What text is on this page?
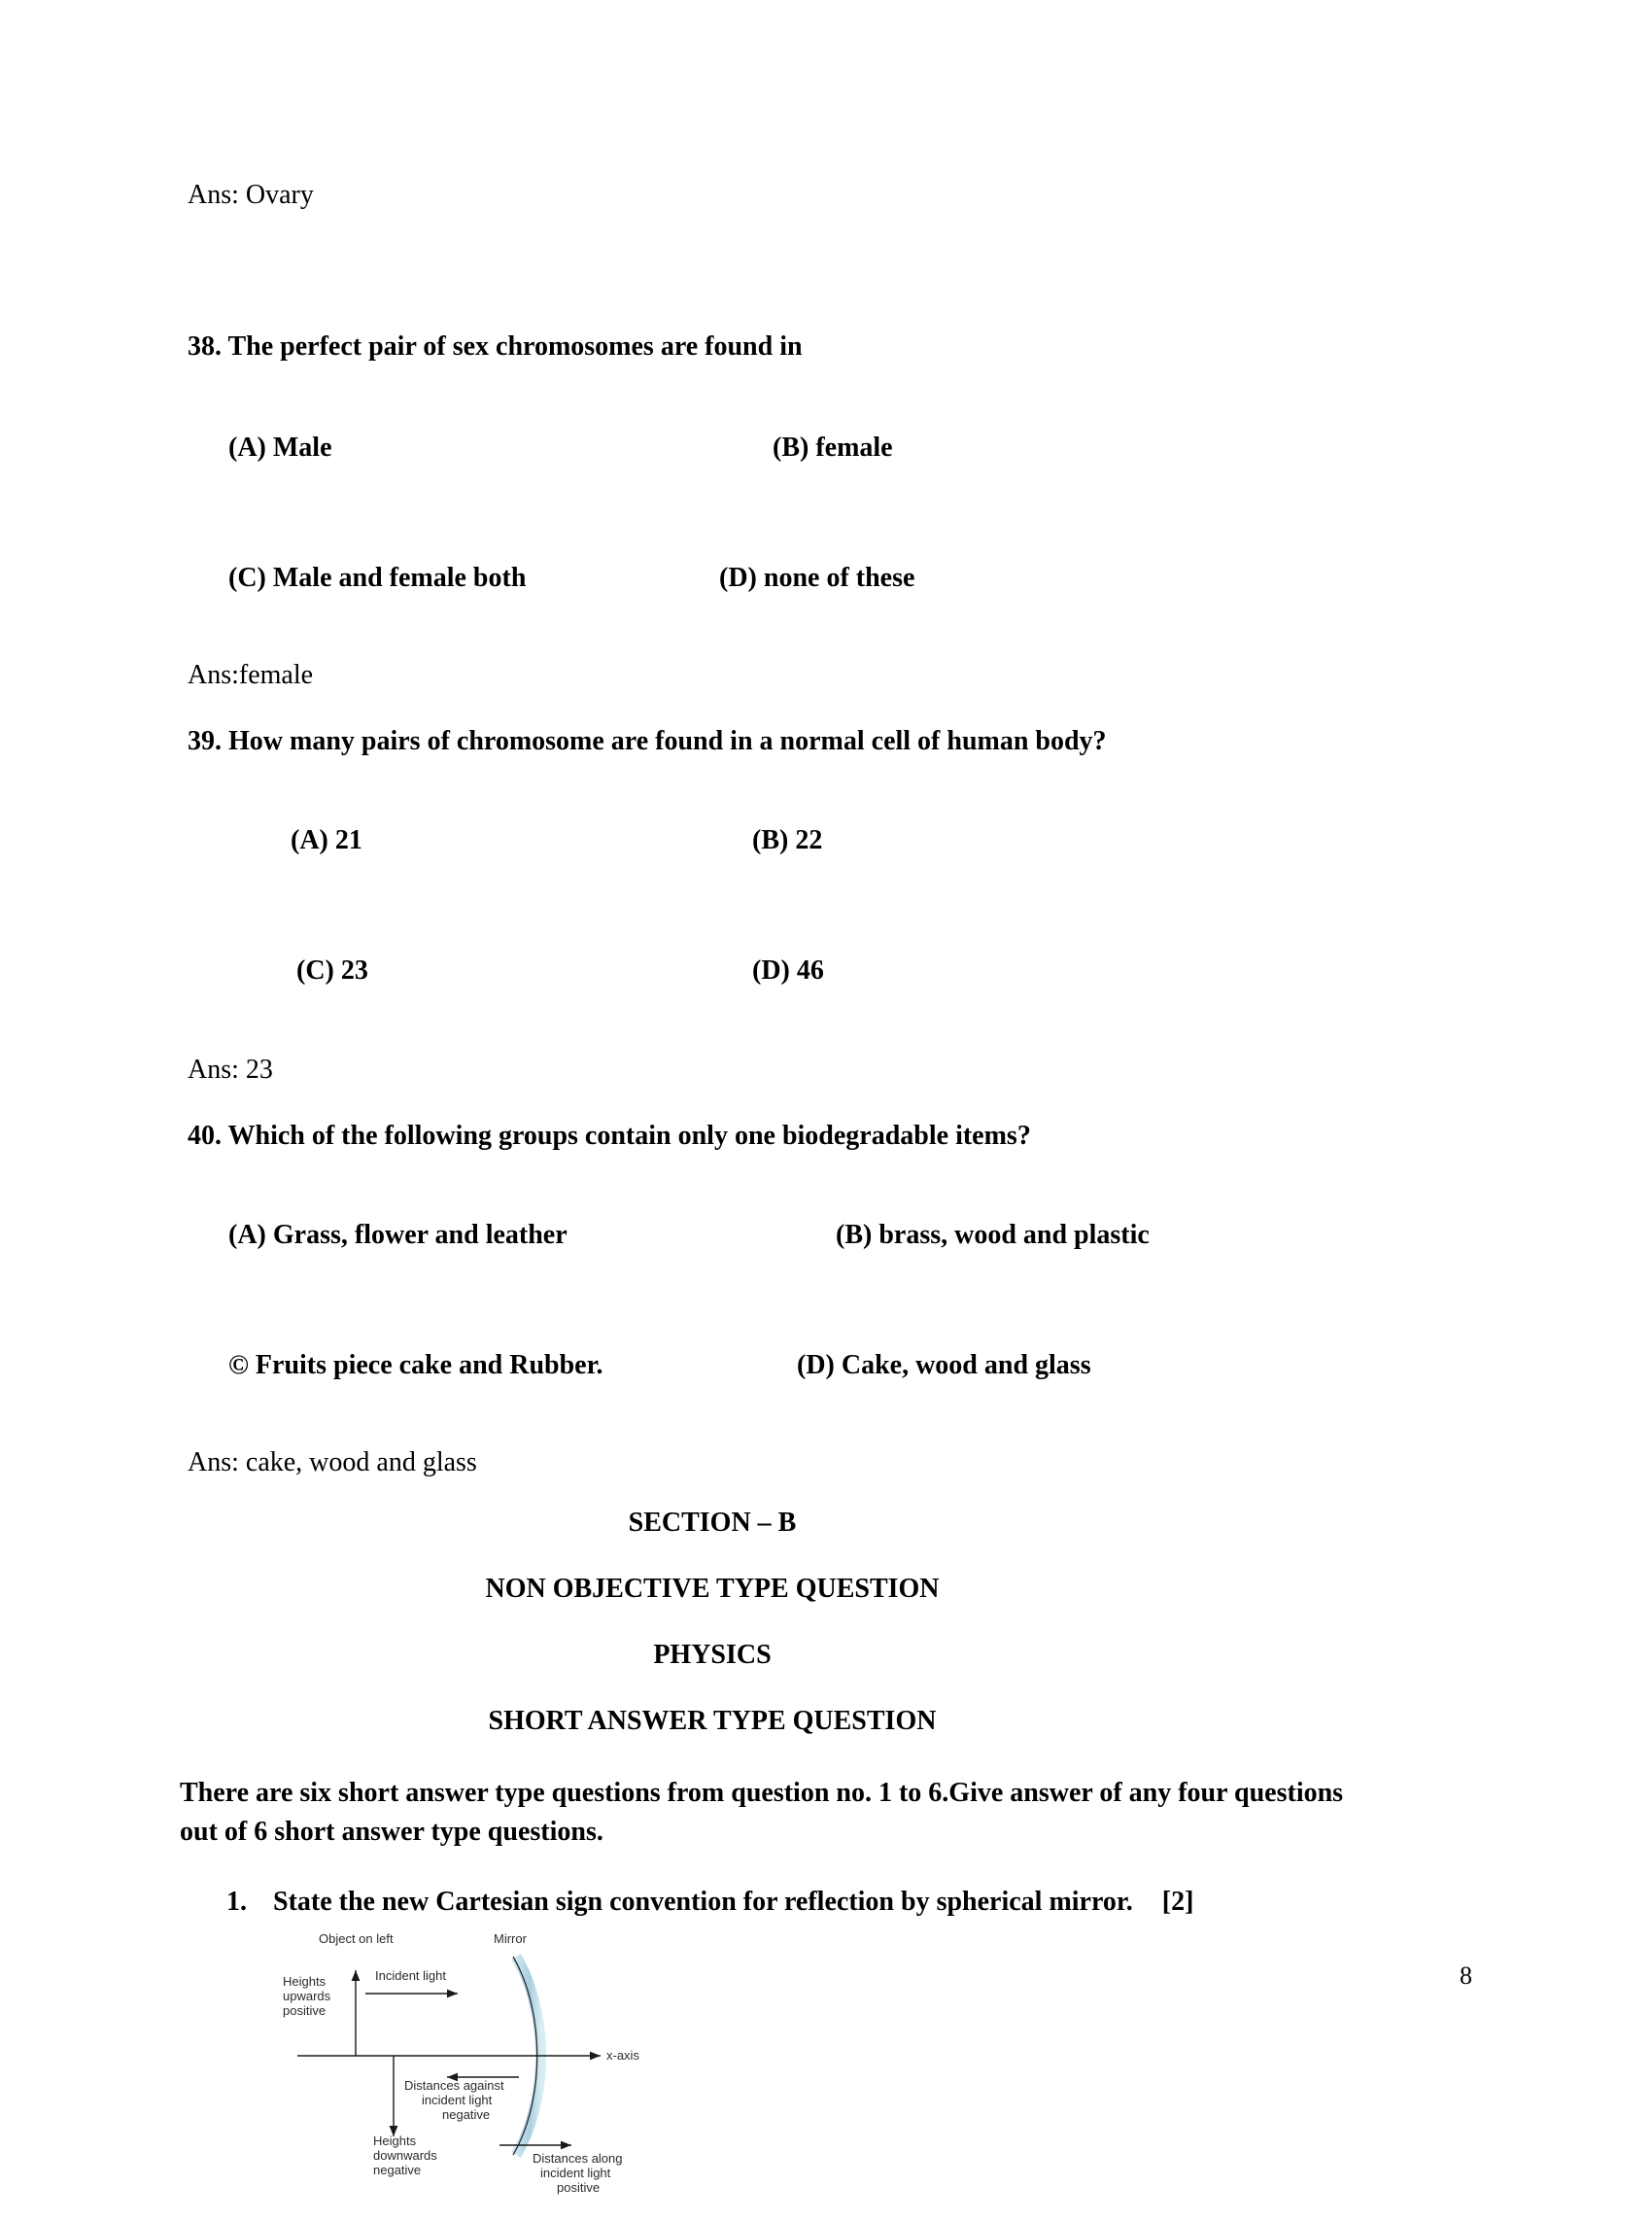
Ans: Ovary
38. The perfect pair of sex chromosomes are found in

(A) Male	(B) female

(C) Male and female both	(D) none of these

Ans:female
39. How many pairs of chromosome are found in a normal cell of human body?

(A) 21	(B) 22

(C) 23	(D) 46

Ans: 23
40. Which of the following groups contain only one biodegradable items?

(A) Grass, flower and leather	(B) brass, wood and plastic

© Fruits piece cake and Rubber.	(D) Cake, wood and glass

Ans: cake, wood and glass
SECTION – B
NON OBJECTIVE TYPE QUESTION
PHYSICS
SHORT ANSWER TYPE QUESTION
There are six short answer type questions from question no. 1 to 6.Give answer of any four questions out of 6 short answer type questions.
1. State the new Cartesian sign convention for reflection by spherical mirror. [2]
Object on left	Mirror
Incident light
Heights
upwards
positive
Distances against
incident light
negative
Heights
downwards
negative
Distances along
incident light
positive
x-axis
8
